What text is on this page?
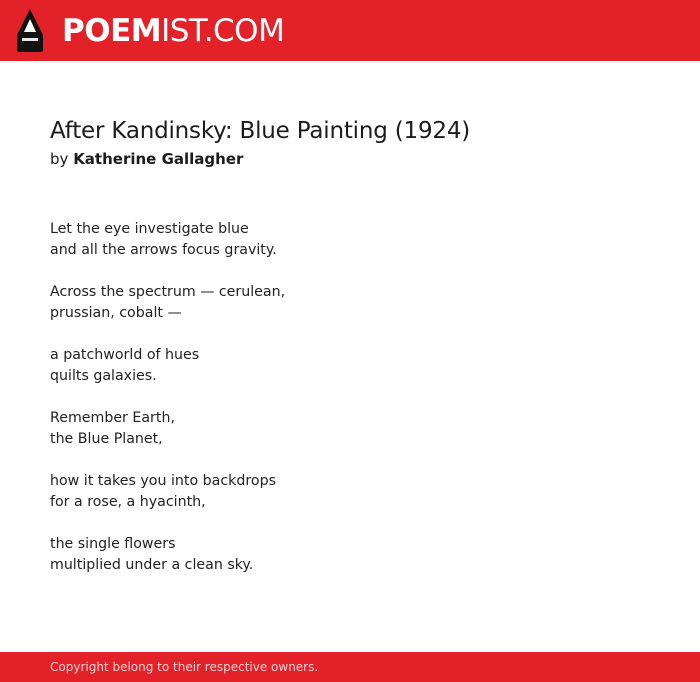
POEMIST.COM
After Kandinsky: Blue Painting (1924)
by Katherine Gallagher

Let the eye investigate blue
and all the arrows focus gravity.

Across the spectrum — cerulean,
prussian, cobalt —

a patchworld of hues
quilts galaxies.

Remember Earth,
the Blue Planet,

how it takes you into backdrops
for a rose, a hyacinth,

the single flowers
multiplied under a clean sky.

Copyright belong to their respective owners.
